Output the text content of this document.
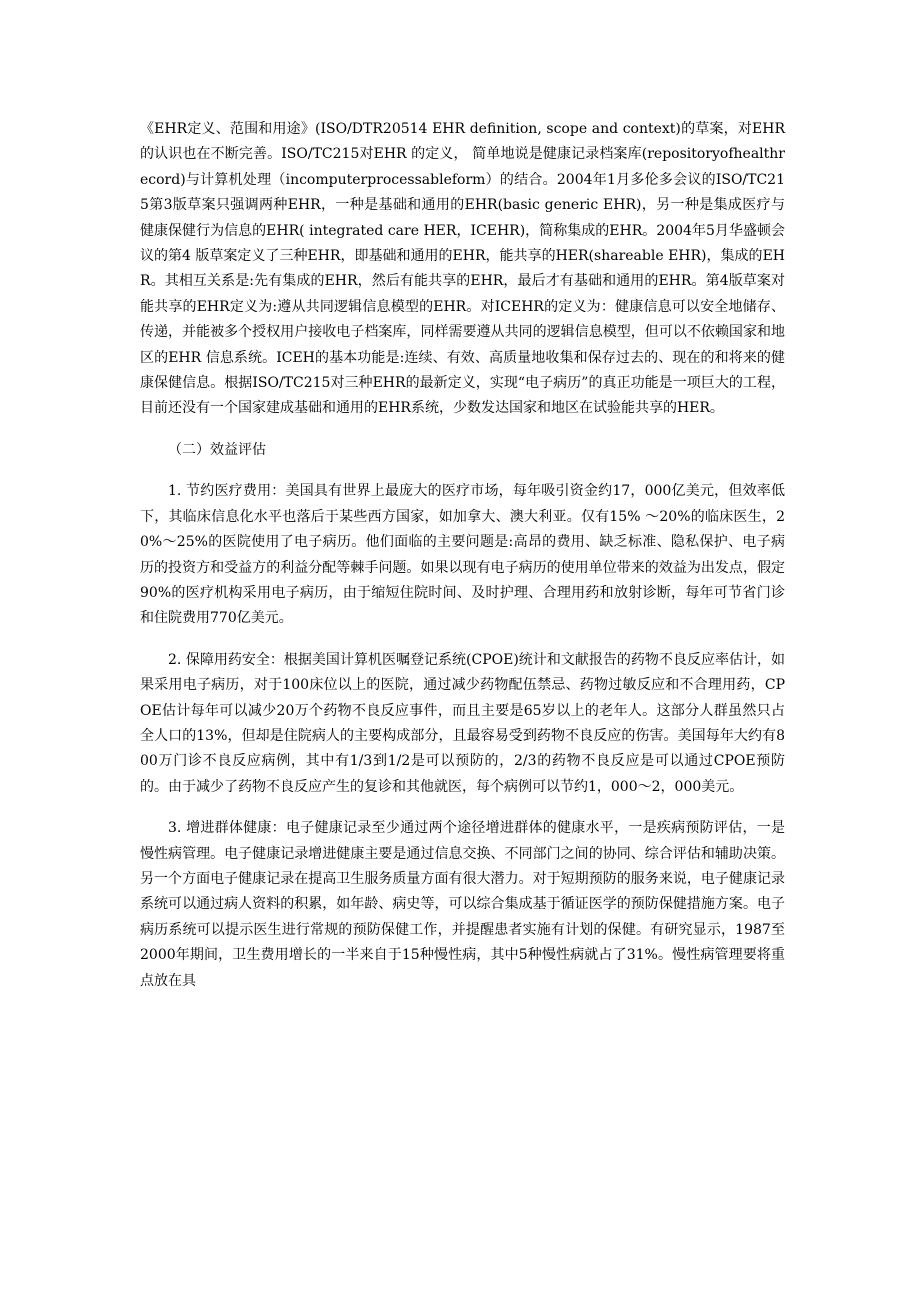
《EHR定义、范围和用途》(ISO/DTR20514 EHR definition, scope and context)的草案，对EHR的认识也在不断完善。ISO/TC215对EHR 的定义， 简单地说是健康记录档案库(repositoryofhealthrecord)与计算机处理（incomputerprocessableform）的结合。2004年1月多伦多会议的ISO/TC215第3版草案只强调两种EHR，一种是基础和通用的EHR(basic generic EHR)，另一种是集成医疗与健康保健行为信息的EHR( integrated care HER，ICEHR)，简称集成的EHR。2004年5月华盛顿会议的第4 版草案定义了三种EHR，即基础和通用的EHR，能共享的HER(shareable EHR)，集成的EHR。其相互关系是:先有集成的EHR，然后有能共享的EHR，最后才有基础和通用的EHR。第4版草案对能共享的EHR定义为:遵从共同逻辑信息模型的EHR。对ICEHR的定义为：健康信息可以安全地储存、传递，并能被多个授权用户接收电子档案库，同样需要遵从共同的逻辑信息模型，但可以不依赖国家和地区的EHR 信息系统。ICEH的基本功能是:连续、有效、高质量地收集和保存过去的、现在的和将来的健康保健信息。根据ISO/TC215对三种EHR的最新定义，实现“电子病历”的真正功能是一项巨大的工程，目前还没有一个国家建成基础和通用的EHR系统，少数发达国家和地区在试验能共享的HER。

（二）效益评估

1. 节约医疗费用：美国具有世界上最庞大的医疗市场，每年吸引资金约17，000亿美元，但效率低下，其临床信息化水平也落后于某些西方国家，如加拿大、澳大利亚。仅有15% ～20%的临床医生，20%～25%的医院使用了电子病历。他们面临的主要问题是:高昂的费用、缺乏标准、隐私保护、电子病历的投资方和受益方的利益分配等棘手问题。如果以现有电子病历的使用单位带来的效益为出发点，假定90%的医疗机构采用电子病历，由于缩短住院时间、及时护理、合理用药和放射诊断，每年可节省门诊和住院费用770亿美元。

2. 保障用药安全：根据美国计算机医嘱登记系统(CPOE)统计和文献报告的药物不良反应率估计，如果采用电子病历，对于100床位以上的医院，通过减少药物配伍禁忌、药物过敏反应和不合理用药，CPOE估计每年可以减少20万个药物不良反应事件，而且主要是65岁以上的老年人。这部分人群虽然只占全人口的13%，但却是住院病人的主要构成部分，且最容易受到药物不良反应的伤害。美国每年大约有800万门诊不良反应病例，其中有1/3到1/2是可以预防的，2/3的药物不良反应是可以通过CPOE预防的。由于减少了药物不良反应产生的复诊和其他就医，每个病例可以节约1，000～2，000美元。

3. 增进群体健康：电子健康记录至少通过两个途径增进群体的健康水平，一是疾病预防评估，一是慢性病管理。电子健康记录增进健康主要是通过信息交换、不同部门之间的协同、综合评估和辅助决策。另一个方面电子健康记录在提高卫生服务质量方面有很大潜力。对于短期预防的服务来说，电子健康记录系统可以通过病人资料的积累，如年龄、病史等，可以综合集成基于循证医学的预防保健措施方案。电子病历系统可以提示医生进行常规的预防保健工作，并提醒患者实施有计划的保健。有研究显示，1987至2000年期间，卫生费用增长的一半来自于15种慢性病，其中5种慢性病就占了31%。慢性病管理要将重点放在具
